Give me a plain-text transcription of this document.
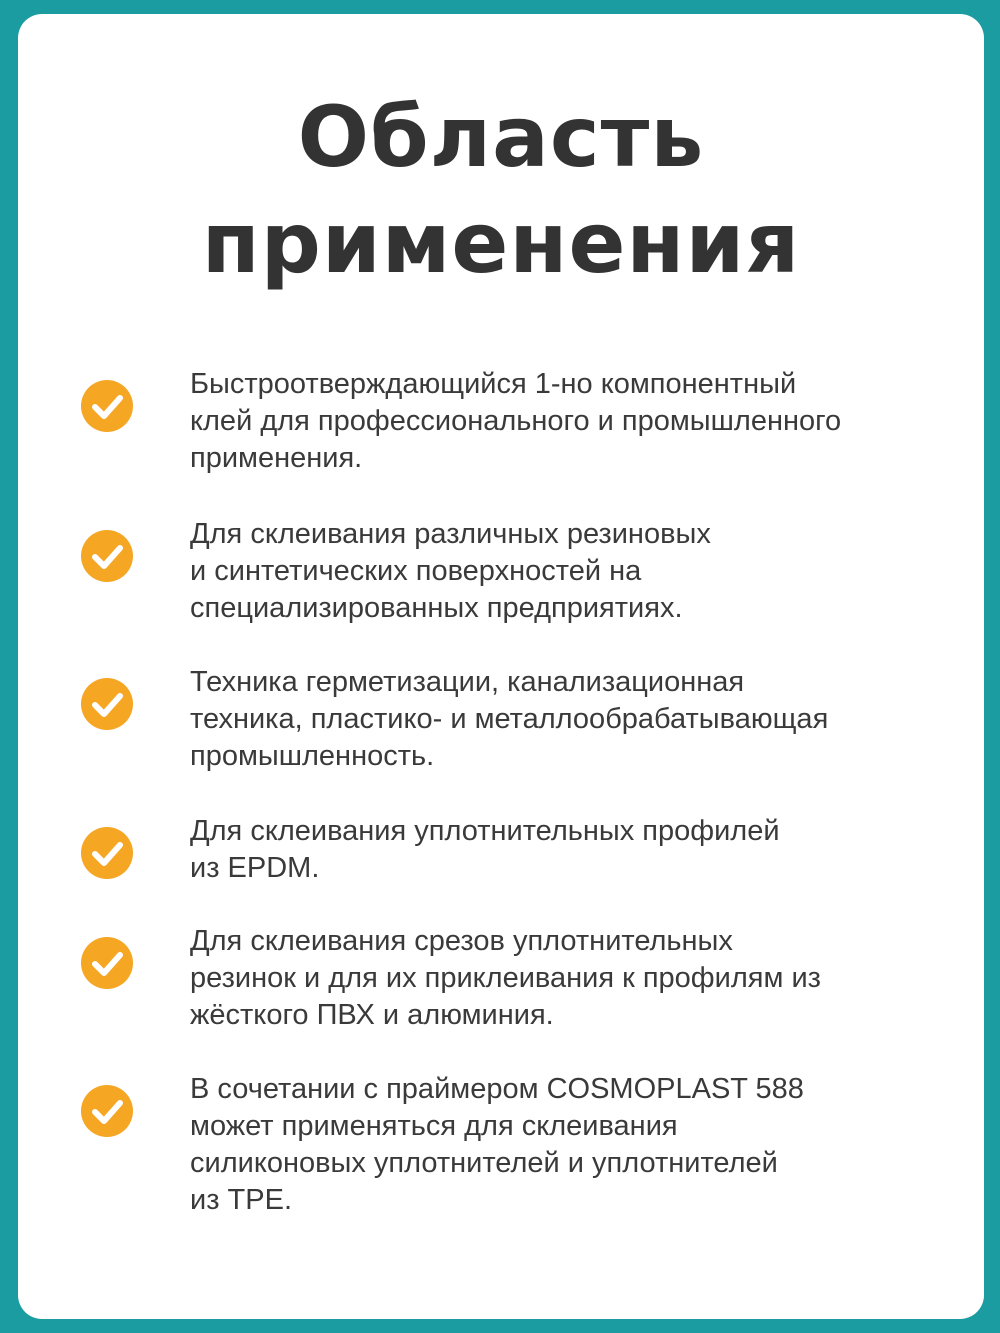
Область
применения
Быстроотверждающийся 1-но компонентный
клей для профессионального и промышленного
применения.
Для склеивания различных резиновых
и синтетических поверхностей на
специализированных предприятиях.
Техника герметизации, канализационная
техника, пластико- и металлообрабатывающая
промышленность.
Для склеивания уплотнительных профилей
из EPDM.
Для склеивания срезов уплотнительных
резинок и для их приклеивания к профилям из
жёсткого ПВХ и алюминия.
В сочетании с праймером COSMOPLAST 588
может применяться для склеивания
силиконовых уплотнителей и уплотнителей
из TPE.
